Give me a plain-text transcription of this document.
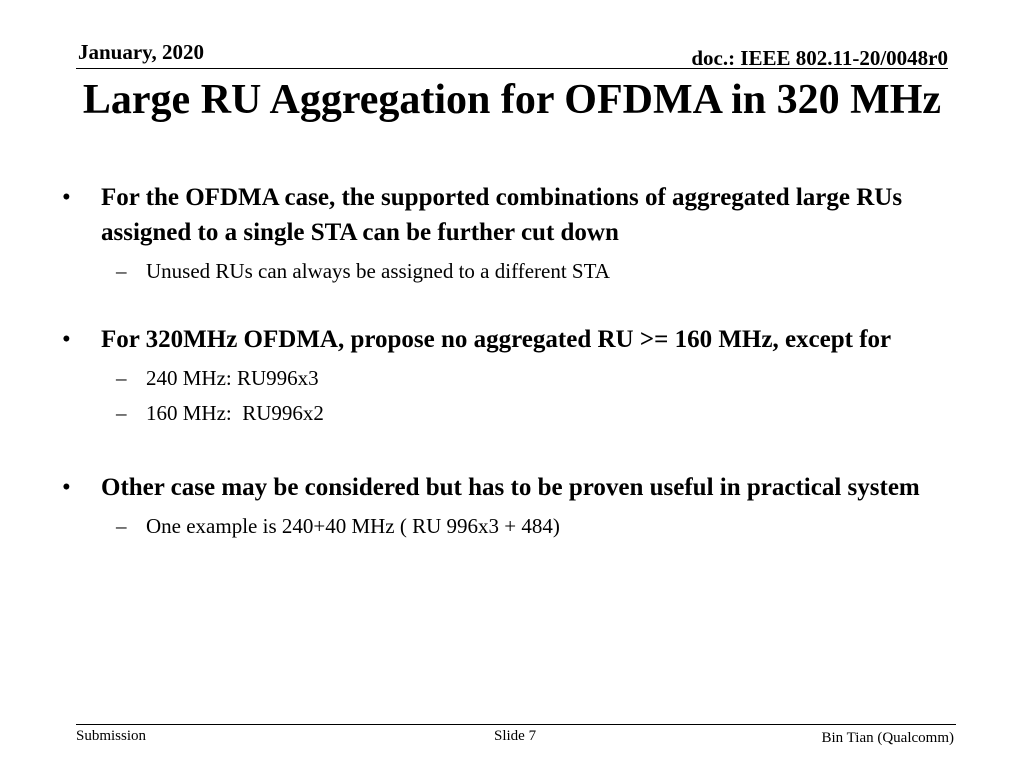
January, 2020	doc.: IEEE 802.11-20/0048r0
Large RU Aggregation for OFDMA in 320 MHz
• For the OFDMA case, the supported combinations of aggregated large RUs assigned to a single STA can be further cut down
– Unused RUs can always be assigned to a different STA
• For 320MHz OFDMA, propose no aggregated RU >= 160 MHz, except for
– 240 MHz: RU996x3
– 160 MHz:  RU996x2
• Other case may be considered but has to be proven useful in practical system
– One example is 240+40 MHz ( RU 996x3 + 484)
Submission	Slide 7	Bin Tian (Qualcomm)
